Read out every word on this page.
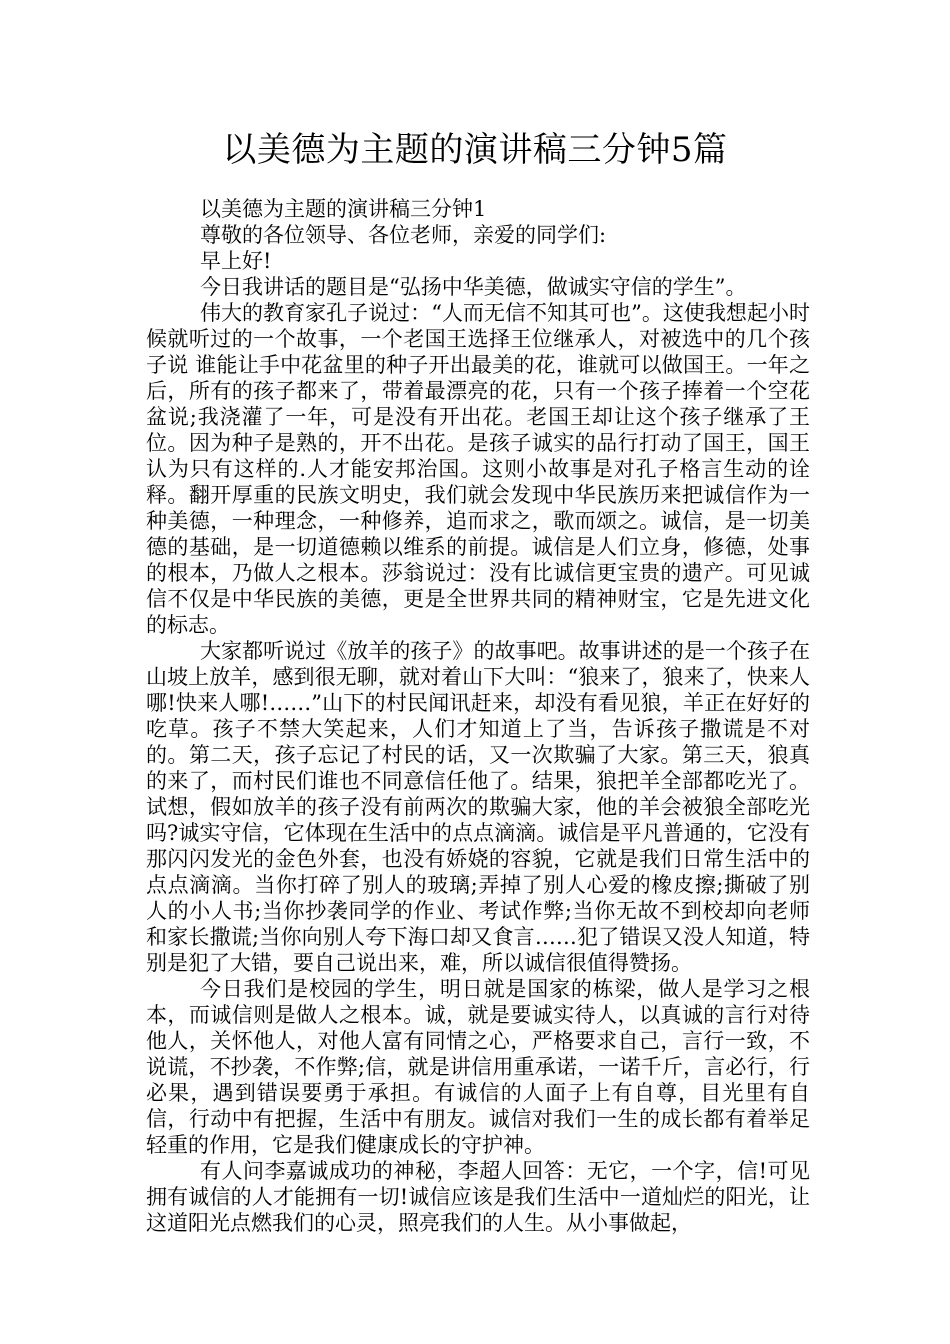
以美德为主题的演讲稿三分钟5篇

以美德为主题的演讲稿三分钟1

尊敬的各位领导、各位老师，亲爱的同学们:

早上好!

今日我讲话的题目是“弘扬中华美德，做诚实守信的学生”。

伟大的教育家孔子说过：“人而无信不知其可也”。这使我想起小时候就听过的一个故事，一个老国王选择王位继承人，对被选中的几个孩子说 谁能让手中花盆里的种子开出最美的花，谁就可以做国王。一年之后，所有的孩子都来了，带着最漂亮的花，只有一个孩子捧着一个空花盆说;我浇灌了一年，可是没有开出花。老国王却让这个孩子继承了王位。因为种子是熟的，开不出花。是孩子诚实的品行打动了国王，国王认为只有这样的.人才能安邦治国。这则小故事是对孔子格言生动的诠释。翻开厚重的民族文明史，我们就会发现中华民族历来把诚信作为一种美德，一种理念，一种修养，追而求之，歌而颂之。诚信，是一切美德的基础，是一切道德赖以维系的前提。诚信是人们立身，修德，处事的根本，乃做人之根本。莎翁说过：没有比诚信更宝贵的遗产。可见诚信不仅是中华民族的美德，更是全世界共同的精神财宝，它是先进文化的标志。

大家都听说过《放羊的孩子》的故事吧。故事讲述的是一个孩子在山坡上放羊，感到很无聊，就对着山下大叫：“狼来了，狼来了，快来人哪!快来人哪!……”山下的村民闻讯赶来，却没有看见狼，羊正在好好的吃草。孩子不禁大笑起来，人们才知道上了当，告诉孩子撒谎是不对的。第二天，孩子忘记了村民的话，又一次欺骗了大家。第三天，狼真的来了，而村民们谁也不同意信任他了。结果，狼把羊全部都吃光了。试想，假如放羊的孩子没有前两次的欺骗大家，他的羊会被狼全部吃光吗?诚实守信，它体现在生活中的点点滴滴。诚信是平凡普通的，它没有那闪闪发光的金色外套，也没有娇娆的容貌，它就是我们日常生活中的点点滴滴。当你打碎了别人的玻璃;弄掉了别人心爱的橡皮擦;撕破了别人的小人书;当你抄袭同学的作业、考试作弊;当你无故不到校却向老师和家长撒谎;当你向别人夸下海口却又食言……犯了错误又没人知道，特别是犯了大错，要自己说出来，难，所以诚信很值得赞扬。

今日我们是校园的学生，明日就是国家的栋梁，做人是学习之根本，而诚信则是做人之根本。诚，就是要诚实待人，以真诚的言行对待他人，关怀他人，对他人富有同情之心，严格要求自己，言行一致，不说谎，不抄袭，不作弊;信，就是讲信用重承诺，一诺千斤，言必行，行必果，遇到错误要勇于承担。有诚信的人面子上有自尊，目光里有自信，行动中有把握，生活中有朋友。诚信对我们一生的成长都有着举足轻重的作用，它是我们健康成长的守护神。

有人问李嘉诚成功的神秘，李超人回答：无它，一个字，信!可见拥有诚信的人才能拥有一切!诚信应该是我们生活中一道灿烂的阳光，让这道阳光点燃我们的心灵，照亮我们的人生。从小事做起，
